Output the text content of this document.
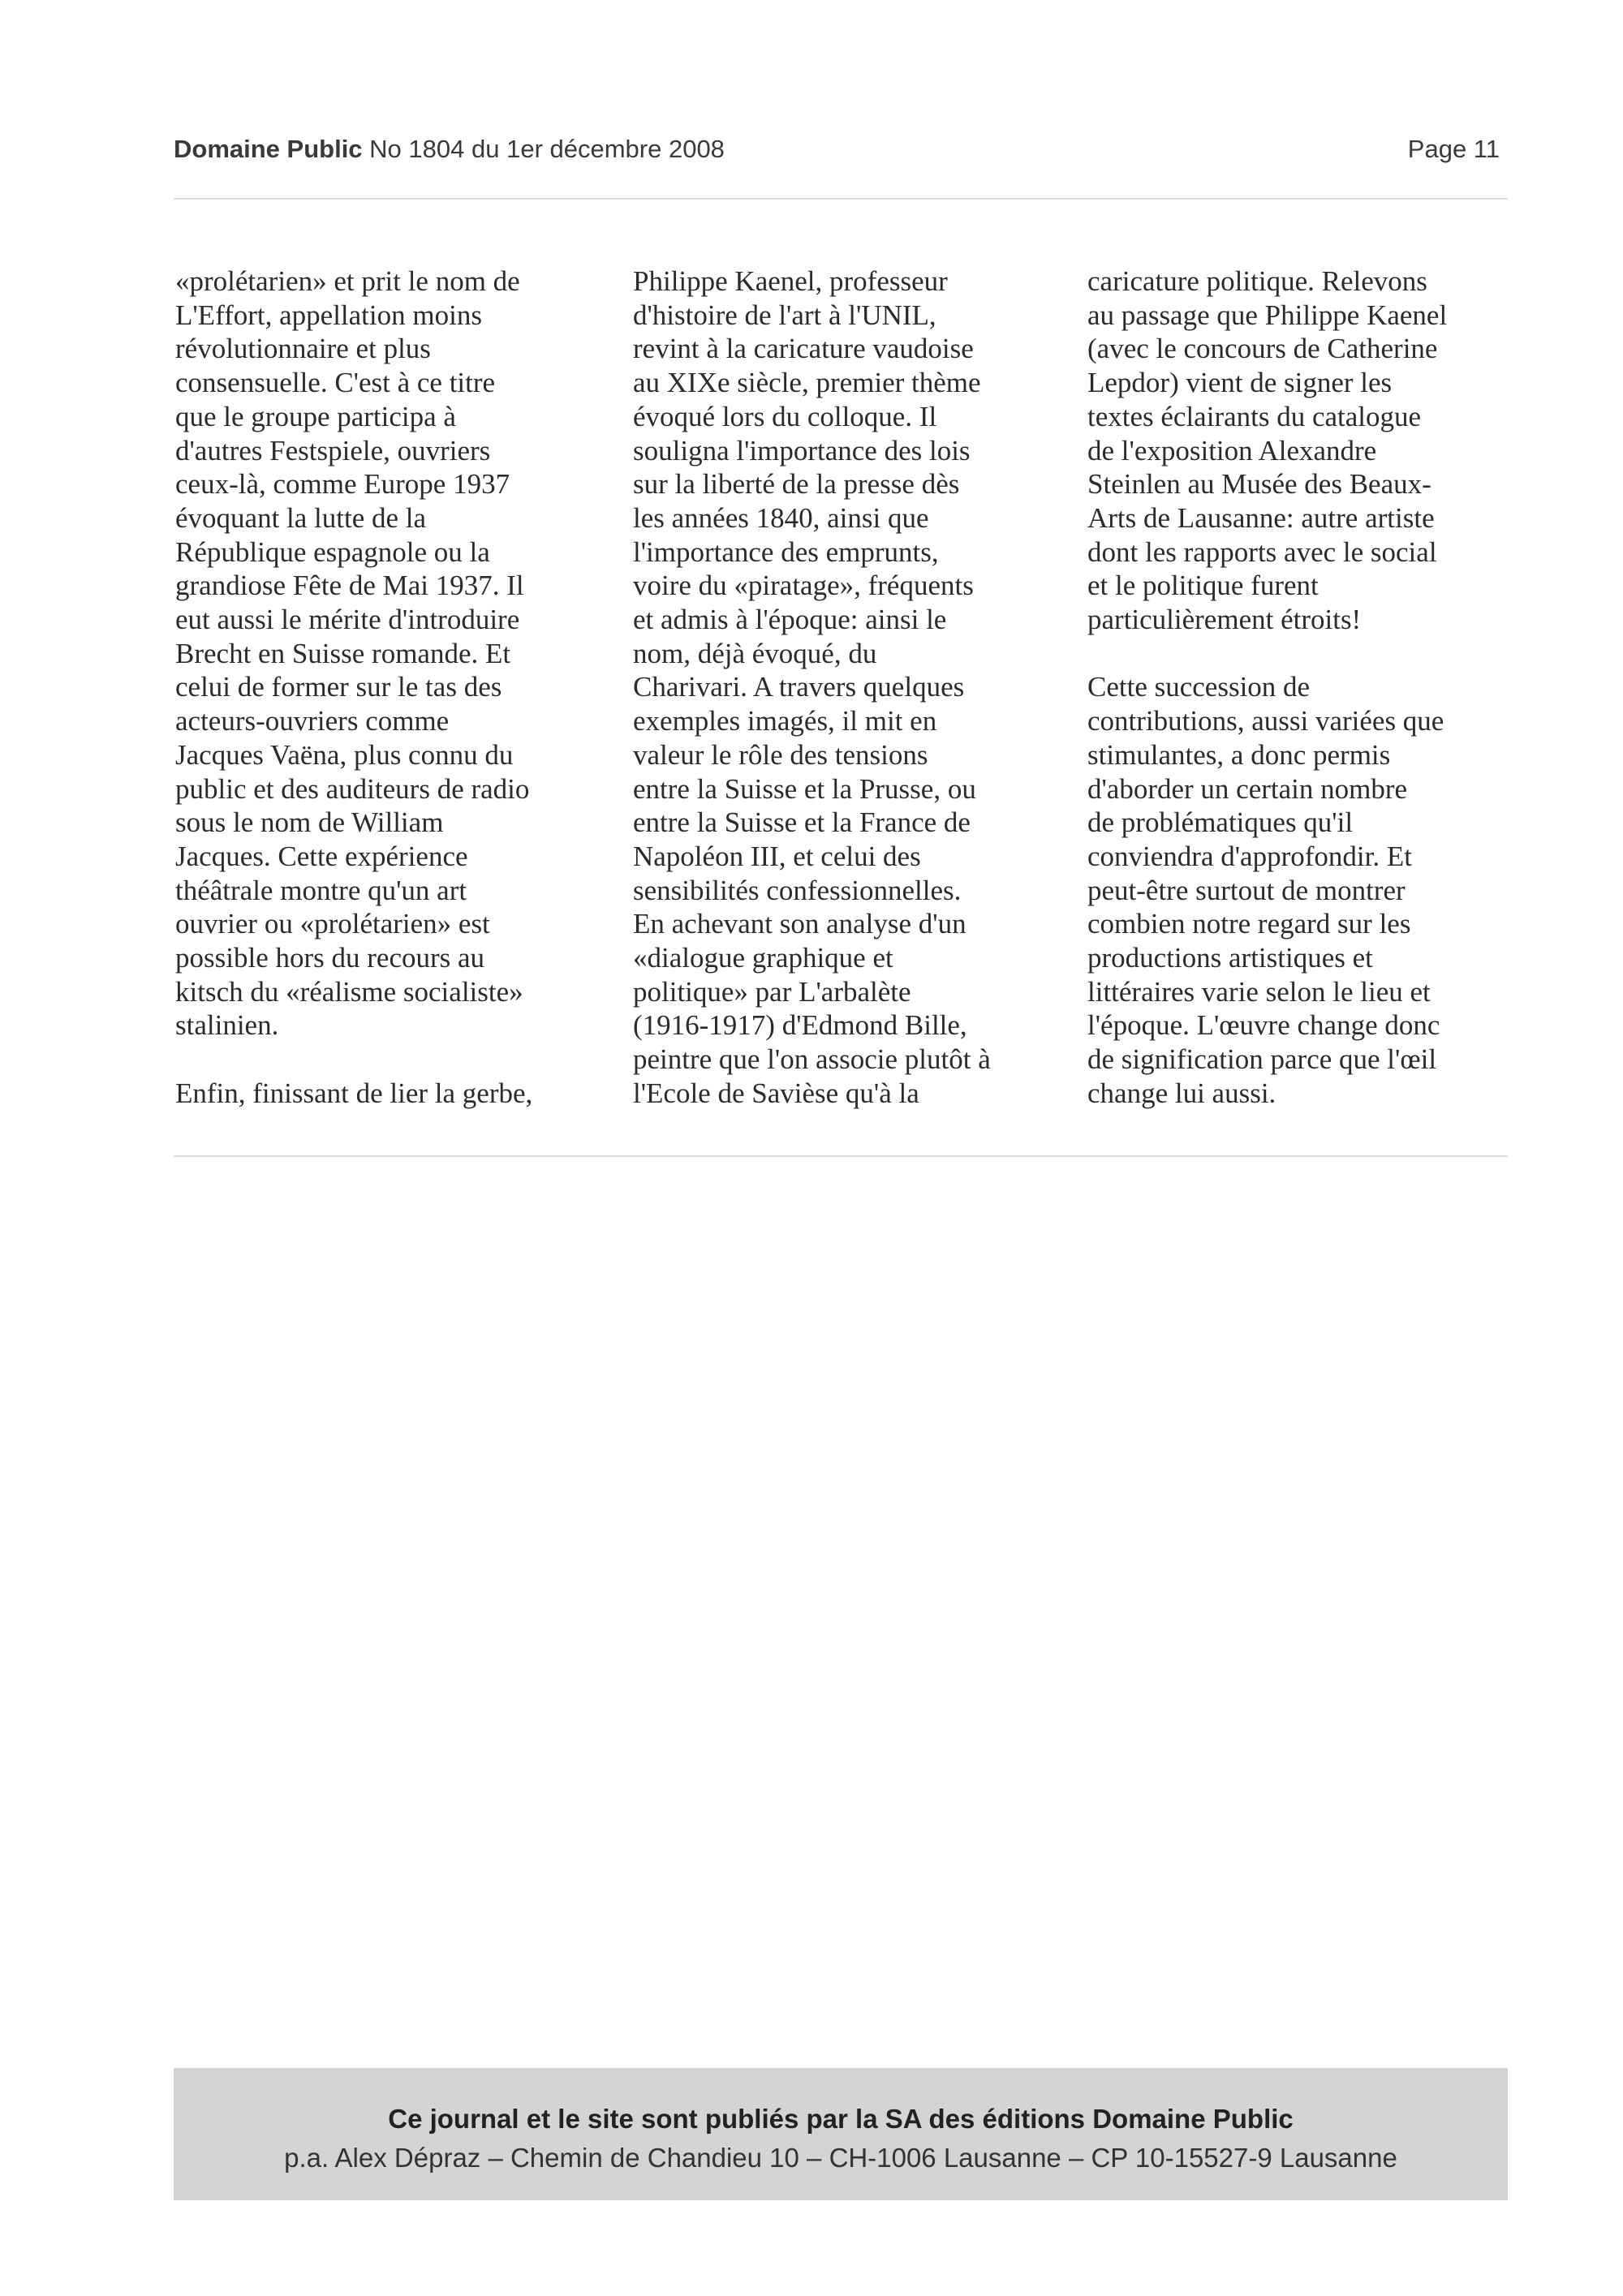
Domaine Public No 1804 du 1er décembre 2008	Page 11

«prolétarien» et prit le nom de
L'Effort, appellation moins
révolutionnaire et plus
consensuelle. C'est à ce titre
que le groupe participa à
d'autres Festspiele, ouvriers
ceux-là, comme Europe 1937
évoquant la lutte de la
République espagnole ou la
grandiose Fête de Mai 1937. Il
eut aussi le mérite d'introduire
Brecht en Suisse romande. Et
celui de former sur le tas des
acteurs-ouvriers comme
Jacques Vaëna, plus connu du
public et des auditeurs de radio
sous le nom de William
Jacques. Cette expérience
théâtrale montre qu'un art
ouvrier ou «prolétarien» est
possible hors du recours au
kitsch du «réalisme socialiste»
stalinien.

Enfin, finissant de lier la gerbe,

Philippe Kaenel, professeur
d'histoire de l'art à l'UNIL,
revint à la caricature vaudoise
au XIXe siècle, premier thème
évoqué lors du colloque. Il
souligna l'importance des lois
sur la liberté de la presse dès
les années 1840, ainsi que
l'importance des emprunts,
voire du «piratage», fréquents
et admis à l'époque: ainsi le
nom, déjà évoqué, du
Charivari. A travers quelques
exemples imagés, il mit en
valeur le rôle des tensions
entre la Suisse et la Prusse, ou
entre la Suisse et la France de
Napoléon III, et celui des
sensibilités confessionnelles.
En achevant son analyse d'un
«dialogue graphique et
politique» par L'arbalète
(1916-1917) d'Edmond Bille,
peintre que l'on associe plutôt à
l'Ecole de Savièse qu'à la

caricature politique. Relevons
au passage que Philippe Kaenel
(avec le concours de Catherine
Lepdor) vient de signer les
textes éclairants du catalogue
de l'exposition Alexandre
Steinlen au Musée des Beaux-
Arts de Lausanne: autre artiste
dont les rapports avec le social
et le politique furent
particulièrement étroits!

Cette succession de
contributions, aussi variées que
stimulantes, a donc permis
d'aborder un certain nombre
de problématiques qu'il
conviendra d'approfondir. Et
peut-être surtout de montrer
combien notre regard sur les
productions artistiques et
littéraires varie selon le lieu et
l'époque. L'œuvre change donc
de signification parce que l'œil
change lui aussi.

Ce journal et le site sont publiés par la SA des éditions Domaine Public
p.a. Alex Dépraz – Chemin de Chandieu 10 – CH-1006 Lausanne – CP 10-15527-9 Lausanne
